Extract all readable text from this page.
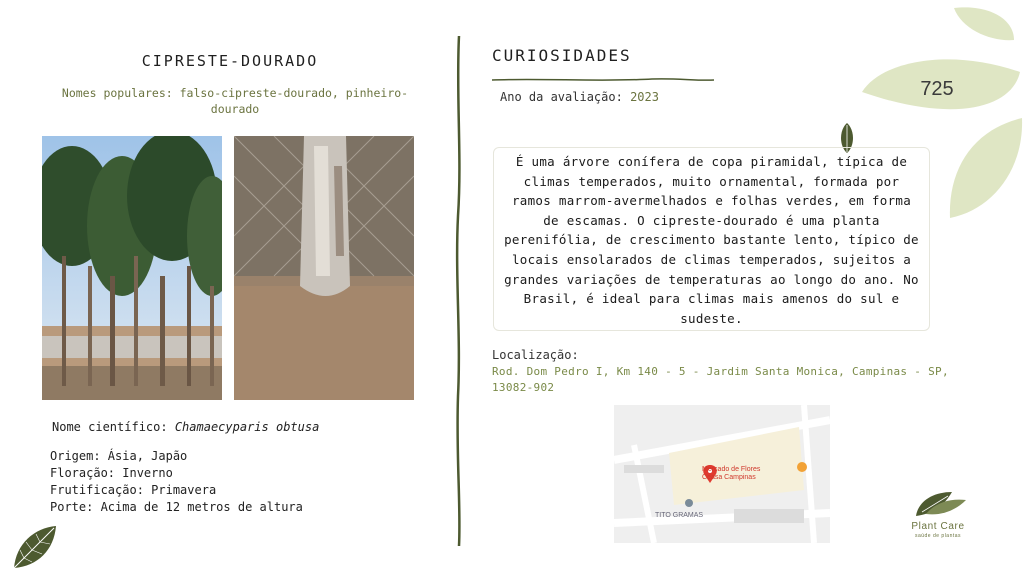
CIPRESTE-DOURADO
Nomes populares: falso-cipreste-dourado, pinheiro-dourado
Nome científico: Chamaecyparis obtusa
Origem: Ásia, Japão
Floração: Inverno
Frutificação: Primavera
Porte: Acima de 12 metros de altura
CURIOSIDADES
Ano da avaliação: 2023
É uma árvore conífera de copa piramidal, típica de climas temperados, muito ornamental, formada por ramos marrom-avermelhados e folhas verdes, em forma de escamas. O cipreste-dourado é uma planta perenifólia, de crescimento bastante lento, típico de locais ensolarados de climas temperados, sujeitos a grandes variações de temperaturas ao longo do ano. No Brasil, é ideal para climas mais amenos do sul e sudeste.
Localização:
Rod. Dom Pedro I, Km 140 - 5 - Jardim Santa Monica, Campinas - SP, 13082-902
Mercado de Flores
Ceasa Campinas
TITO GRAMAS
725
Plant Care
saúde de plantas
